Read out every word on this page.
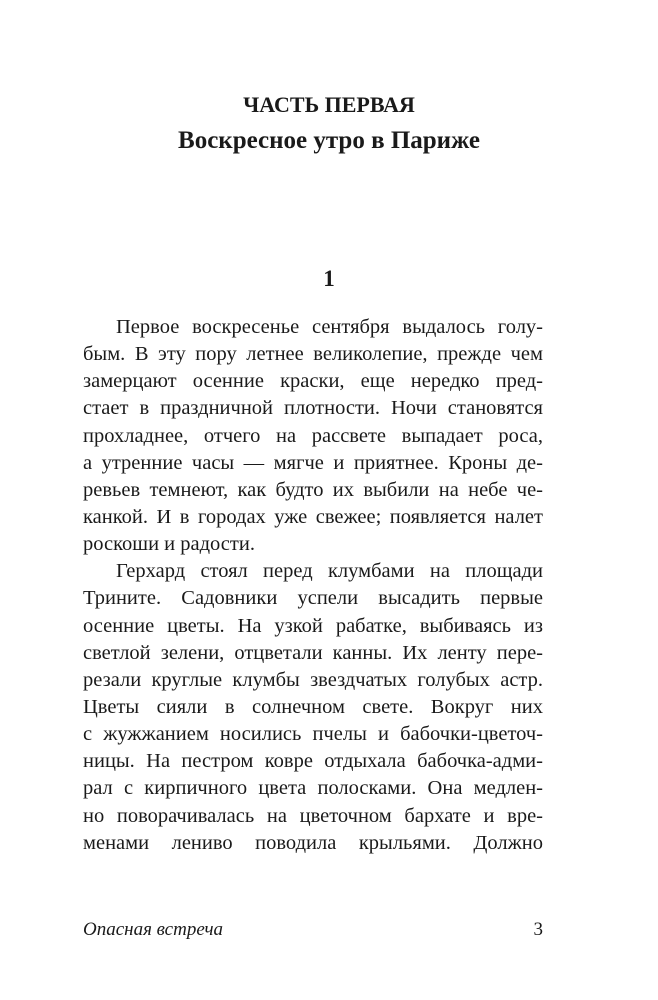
ЧАСТЬ ПЕРВАЯ
Воскресное утро в Париже
1
Первое воскресенье сентября выдалось голу-
бым. В эту пору летнее великолепие, прежде чем
замерцают осенние краски, еще нередко пред-
стает в праздничной плотности. Ночи становятся
прохладнее, отчего на рассвете выпадает роса,
а утренние часы — мягче и приятнее. Кроны де-
ревьев темнеют, как будто их выбили на небе че-
канкой. И в городах уже свежее; появляется налет
роскоши и радости.
Герхард стоял перед клумбами на площади
Трините. Садовники успели высадить первые
осенние цветы. На узкой рабатке, выбиваясь из
светлой зелени, отцветали канны. Их ленту пере-
резали круглые клумбы звездчатых голубых астр.
Цветы сияли в солнечном свете. Вокруг них
с жужжанием носились пчелы и бабочки-цветоч-
ницы. На пестром ковре отдыхала бабочка-адми-
рал с кирпичного цвета полосками. Она медлен-
но поворачивалась на цветочном бархате и вре-
менами лениво поводила крыльями. Должно
Опасная встреча	3
